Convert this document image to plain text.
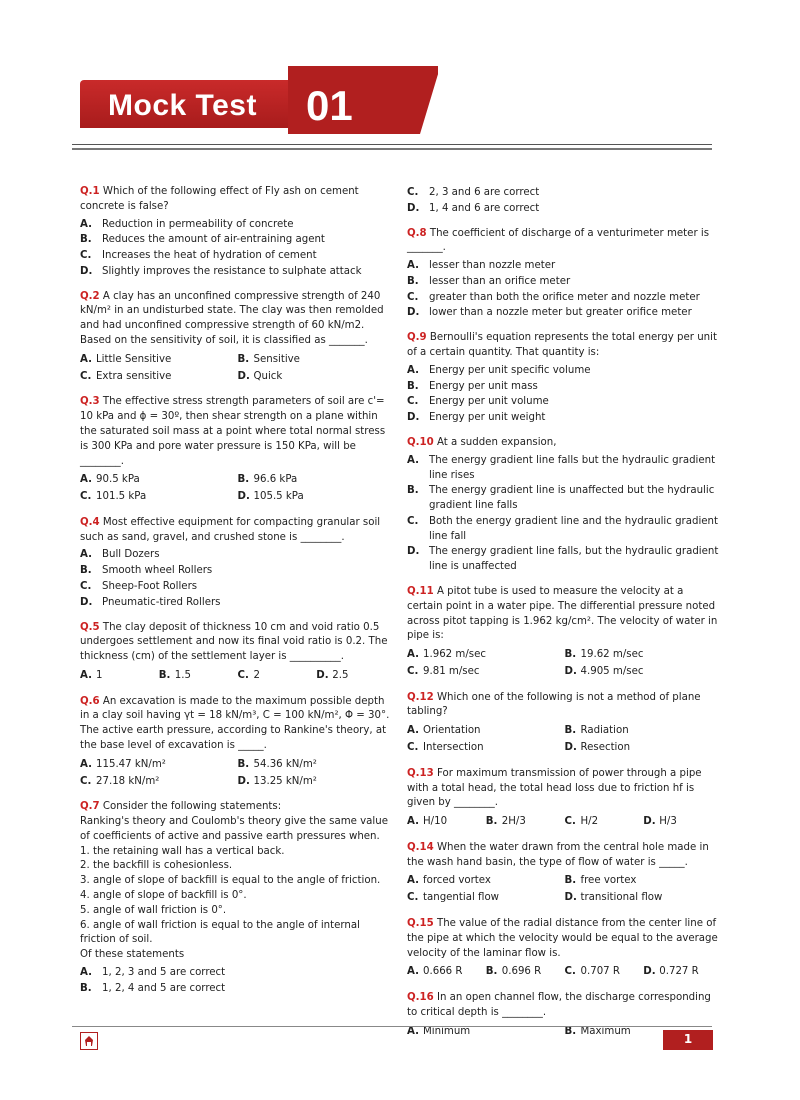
Mock Test 01

Q.1 Which of the following effect of Fly ash on cement concrete is false?

A. Reduction in permeability of concrete
B.	Reduces the amount of air-entraining agent
C.	Increases the heat of hydration of cement
D. Slightly improves the resistance to sulphate attack

Q.2 A clay has an unconfined compressive strength of 240 kN/m² in an undisturbed state. The clay was then remolded and had unconfined compressive strength of 60 kN/m2. Based on the sensitivity of soil, it is classified as _______.

A. Little Sensitive	B. Sensitive
C. Extra sensitive	D. Quick

Q.3 The effective stress strength parameters of soil are c'= 10 kPa and ϕ = 30º, then shear strength on a plane within the saturated soil mass at a point where total normal stress is 300 KPa and pore water pressure is 150 KPa, will be ________.

A. 90.5 kPa	B. 96.6 kPa
C. 101.5 kPa	D. 105.5 kPa

Q.4 Most effective equipment for compacting granular soil such as sand, gravel, and crushed stone is ________.

A. Bull Dozers
B.	Smooth wheel Rollers
C.	Sheep-Foot Rollers
D. Pneumatic-tired Rollers

Q.5 The clay deposit of thickness 10 cm and void ratio 0.5 undergoes settlement and now its final void ratio is 0.2. The thickness (cm) of the settlement layer is __________.

A. 1	B. 1.5	C. 2	D. 2.5

Q.6 An excavation is made to the maximum possible depth in a clay soil having γt = 18 kN/m³, C = 100 kN/m², Φ = 30°. The active earth pressure, according to Rankine's theory, at the base level of excavation is _____.

A. 115.47 kN/m²	B. 54.36 kN/m²
C. 27.18 kN/m²	D. 13.25 kN/m²

Q.7 Consider the following statements:

Ranking's theory and Coulomb's theory give the same value of coefficients of active and passive earth pressures when.

1. the retaining wall has a vertical back.

2. the backfill is cohesionless.

3. angle of slope of backfill is equal to the angle of friction.

4. angle of slope of backfill is 0°.

5. angle of wall friction is 0°.

6. angle of wall friction is equal to the angle of internal friction of soil.

Of these statements

A. 1, 2, 3 and 5 are correct
B.	1, 2, 4 and 5 are correct
C.	2, 3 and 6 are correct
D. 1, 4 and 6 are correct

Q.8 The coefficient of discharge of a venturimeter meter is _______.

A. lesser than nozzle meter
B.	lesser than an orifice meter
C.	greater than both the orifice meter and nozzle meter
D. lower than a nozzle meter but greater orifice meter

Q.9 Bernoulli's equation represents the total energy per unit of a certain quantity. That quantity is:

A. Energy per unit specific volume
B.	Energy per unit mass
C.	Energy per unit volume
D. Energy per unit weight

Q.10 At a sudden expansion,

A. The energy gradient line falls but the hydraulic gradient line rises
B.	The energy gradient line is unaffected but the hydraulic gradient line falls
C.	Both the energy gradient line and the hydraulic gradient line fall
D. The energy gradient line falls, but the hydraulic gradient line is unaffected

Q.11 A pitot tube is used to measure the velocity at a certain point in a water pipe. The differential pressure noted across pitot tapping is 1.962 kg/cm². The velocity of water in pipe is:

A. 1.962 m/sec	B. 19.62 m/sec
C. 9.81 m/sec	D. 4.905 m/sec

Q.12 Which one of the following is not a method of plane tabling?

A. Orientation	B. Radiation
C. Intersection	D. Resection

Q.13 For maximum transmission of power through a pipe with a total head, the total head loss due to friction hf is given by ________.

A. H/10	B. 2H/3	C. H/2	D. H/3

Q.14 When the water drawn from the central hole made in the wash hand basin, the type of flow of water is _____.

A. forced vortex	B. free vortex
C. tangential flow	D. transitional flow

Q.15 The value of the radial distance from the center line of the pipe at which the velocity would be equal to the average velocity of the laminar flow is.

A. 0.666 R B. 0.696 R C. 0.707 R D. 0.727 R

Q.16 In an open channel flow, the discharge corresponding to critical depth is ________.

A. Minimum	B. Maximum
1
